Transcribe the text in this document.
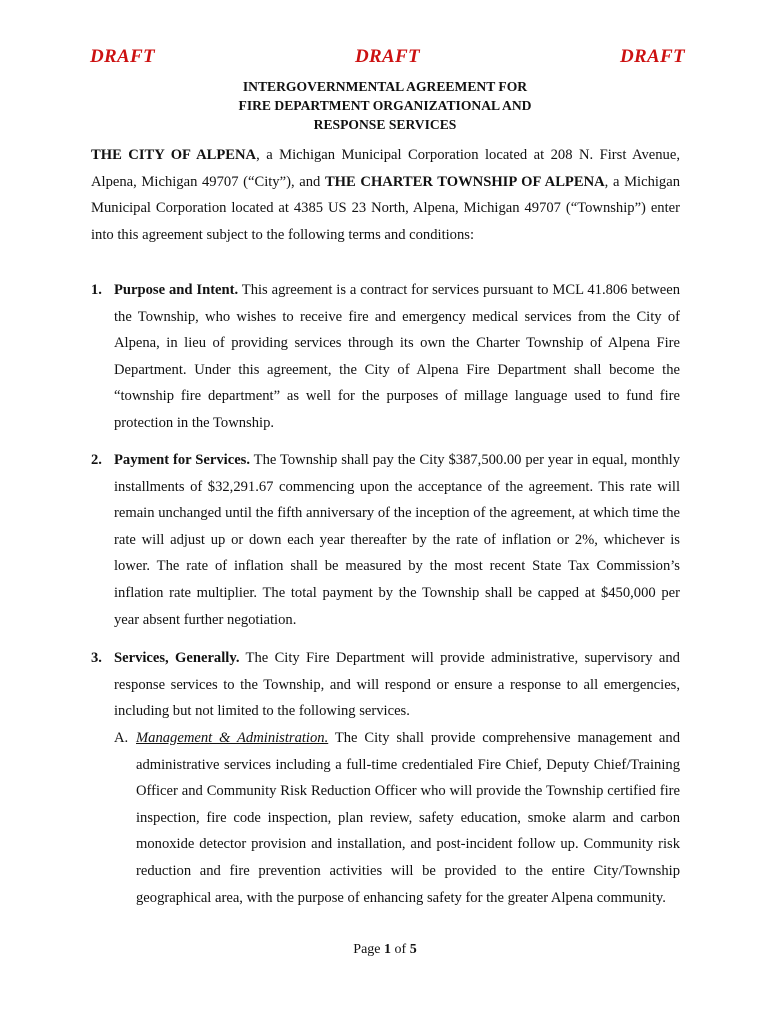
DRAFT	DRAFT	DRAFT
INTERGOVERNMENTAL AGREEMENT FOR
FIRE DEPARTMENT ORGANIZATIONAL AND
RESPONSE SERVICES
THE CITY OF ALPENA, a Michigan Municipal Corporation located at 208 N. First Avenue, Alpena, Michigan 49707 (“City”), and THE CHARTER TOWNSHIP OF ALPENA, a Michigan Municipal Corporation located at 4385 US 23 North, Alpena, Michigan 49707 (“Township”) enter into this agreement subject to the following terms and conditions:
1. Purpose and Intent. This agreement is a contract for services pursuant to MCL 41.806 between the Township, who wishes to receive fire and emergency medical services from the City of Alpena, in lieu of providing services through its own the Charter Township of Alpena Fire Department. Under this agreement, the City of Alpena Fire Department shall become the “township fire department” as well for the purposes of millage language used to fund fire protection in the Township.
2. Payment for Services. The Township shall pay the City $387,500.00 per year in equal, monthly installments of $32,291.67 commencing upon the acceptance of the agreement. This rate will remain unchanged until the fifth anniversary of the inception of the agreement, at which time the rate will adjust up or down each year thereafter by the rate of inflation or 2%, whichever is lower. The rate of inflation shall be measured by the most recent State Tax Commission’s inflation rate multiplier. The total payment by the Township shall be capped at $450,000 per year absent further negotiation.
3. Services, Generally. The City Fire Department will provide administrative, supervisory and response services to the Township, and will respond or ensure a response to all emergencies, including but not limited to the following services.
A. Management & Administration. The City shall provide comprehensive management and administrative services including a full-time credentialed Fire Chief, Deputy Chief/Training Officer and Community Risk Reduction Officer who will provide the Township certified fire inspection, fire code inspection, plan review, safety education, smoke alarm and carbon monoxide detector provision and installation, and post-incident follow up. Community risk reduction and fire prevention activities will be provided to the entire City/Township geographical area, with the purpose of enhancing safety for the greater Alpena community.
Page 1 of 5
